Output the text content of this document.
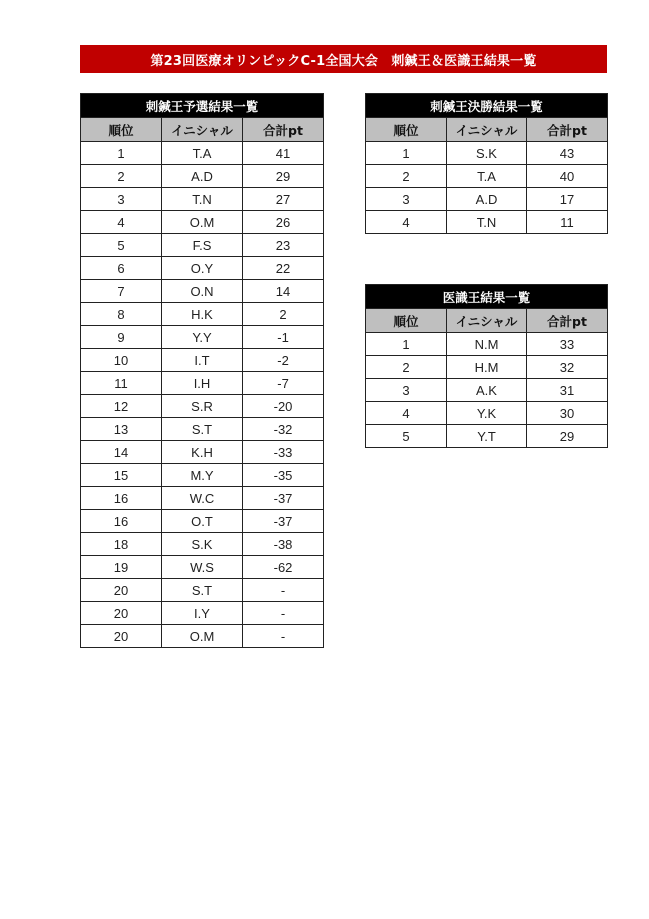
第23回医療オリンピックC-1全国大会　刺鍼王＆医識王結果一覧
刺鍼王予選結果一覧		
順位	イニシャル	合計pt
1	T.A	41
2	A.D	29
3	T.N	27
4	O.M	26
5	F.S	23
6	O.Y	22
7	O.N	14
8	H.K	2
9	Y.Y	-1
10	I.T	-2
11	I.H	-7
12	S.R	-20
13	S.T	-32
14	K.H	-33
15	M.Y	-35
16	W.C	-37
16	O.T	-37
18	S.K	-38
19	W.S	-62
20	S.T	-
20	I.Y	-
20	O.M	-
刺鍼王決勝結果一覧		
順位	イニシャル	合計pt
1	S.K	43
2	T.A	40
3	A.D	17
4	T.N	11
医識王結果一覧		
順位	イニシャル	合計pt
1	N.M	33
2	H.M	32
3	A.K	31
4	Y.K	30
5	Y.T	29
